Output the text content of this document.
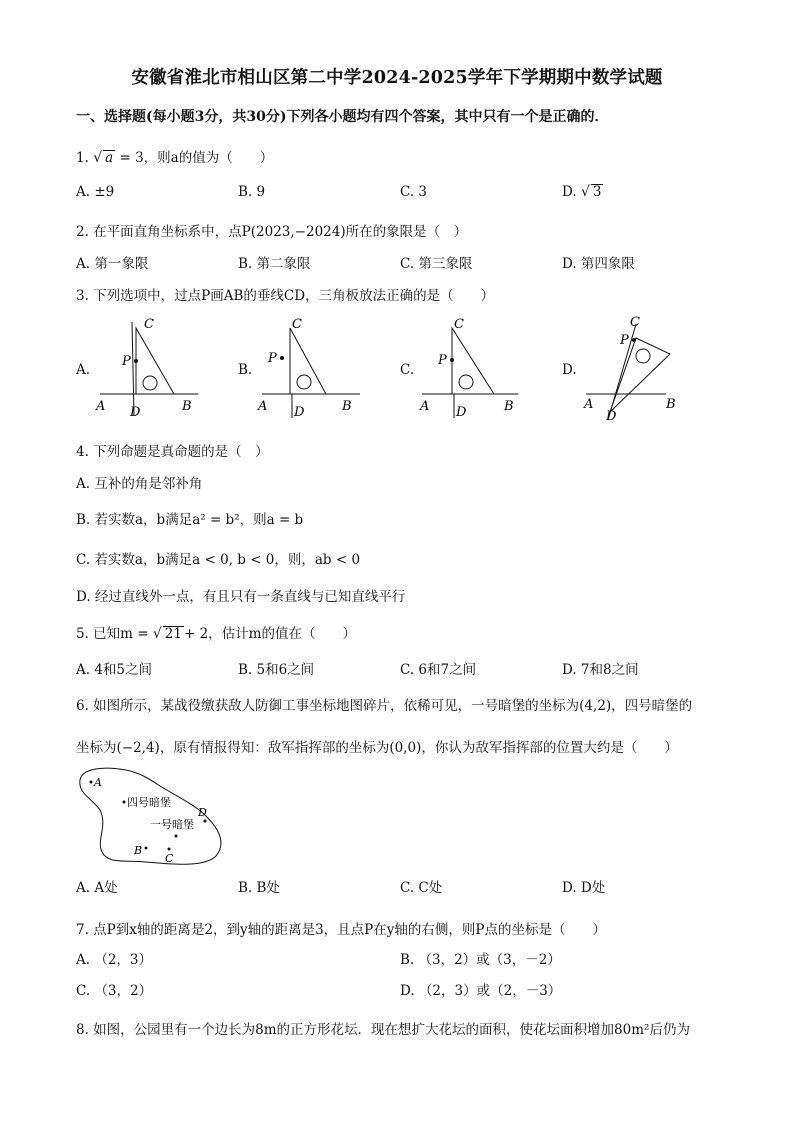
安徽省淮北市相山区第二中学2024-2025学年下学期期中数学试题
一、选择题(每小题3分，共30分)下列各小题均有四个答案，其中只有一个是正确的．
1. √ a = 3，则a的值为（　　）
A. ±9	B. 9	C. 3	D. √ 3
2. 在平面直角坐标系中，点P(2023,−2024)所在的象限是（　）
A. 第一象限	B. 第二象限	C. 第三象限	D. 第四象限
3. 下列选项中，过点P画AB的垂线CD，三角板放法正确的是（　　）
A.
C
P
A D	B
B.
C
P
A D	B
C.
C
P
A D	B
D.
C
P
A
D
B
4. 下列命题是真命题的是（　）
A. 互补的角是邻补角
B. 若实数a，b满足a² = b²，则a = b
C. 若实数a，b满足a < 0, b < 0，则，ab < 0
D. 经过直线外一点，有且只有一条直线与已知直线平行
5. 已知m = √ 21 + 2，估计m的值在（　　）
A. 4和5之间	B. 5和6之间	C. 6和7之间	D. 7和8之间
6. 如图所示，某战役缴获敌人防御工事坐标地图碎片，依稀可见，一号暗堡的坐标为(4,2)，四号暗堡的
坐标为(−2,4)，原有情报得知：敌军指挥部的坐标为(0,0)，你认为敌军指挥部的位置大约是（　　）
A
四号暗堡
D
一号暗堡
B
C
A. A处	B. B处	C. C处	D. D处
7. 点P到x轴的距离是2，到y轴的距离是3，且点P在y轴的右侧，则P点的坐标是（　　）
A. （2，3）	B. （3，2）或（3，－2）
C. （3，2）	D. （2，3）或（2，－3）
8. 如图，公园里有一个边长为8m的正方形花坛．现在想扩大花坛的面积，使花坛面积增加80m²后仍为
